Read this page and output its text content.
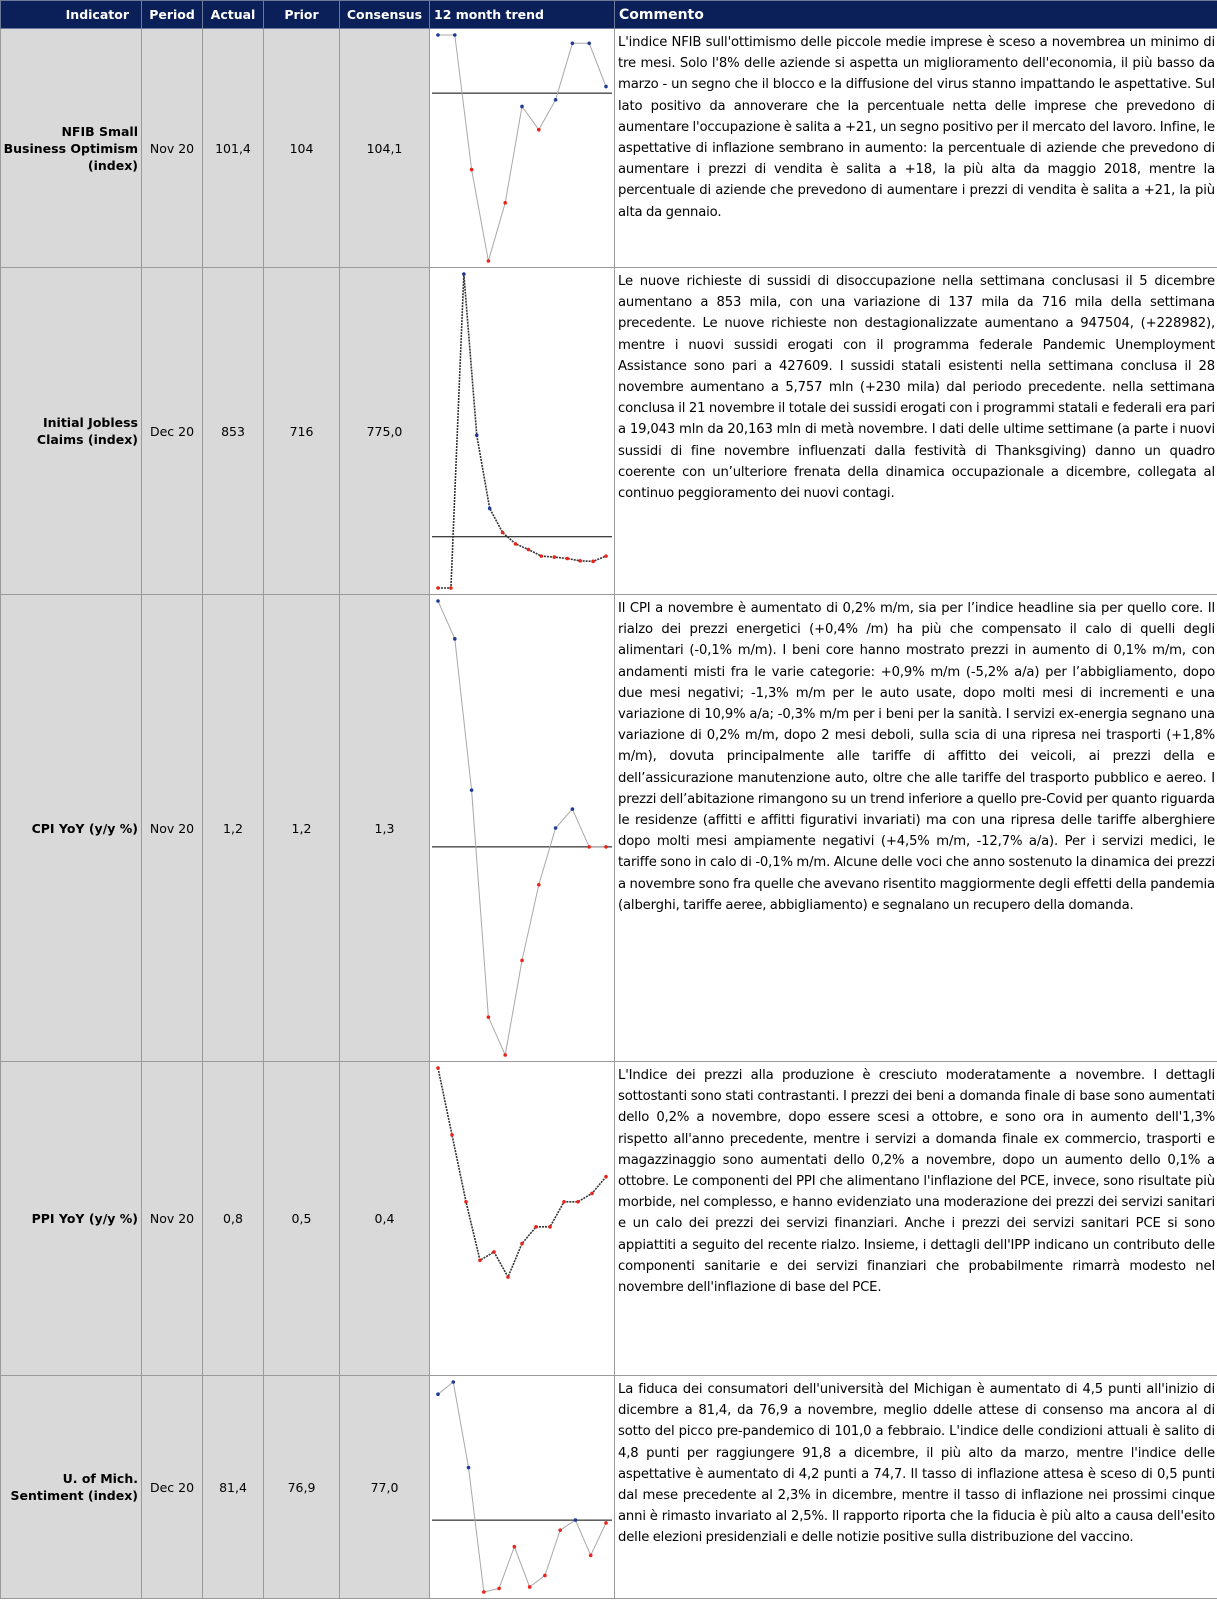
Indicator	Period	Actual	Prior	Consensus	12 month trend	Commento
NFIB Small Business Optimism (index)	Nov 20	101,4	104	104,1		L'indice NFIB sull'ottimismo delle piccole medie imprese è sceso a novembrea un minimo di tre mesi. Solo l'8% delle aziende si aspetta un miglioramento dell'economia, il più basso da marzo - un segno che il blocco e la diffusione del virus stanno impattando le aspettative. Sul lato positivo da annoverare che la percentuale netta delle imprese che prevedono di aumentare l'occupazione è salita a +21, un segno positivo per il mercato del lavoro. Infine, le aspettative di inflazione sembrano in aumento: la percentuale di aziende che prevedono di aumentare i prezzi di vendita è salita a +18, la più alta da maggio 2018, mentre la percentuale di aziende che prevedono di aumentare i prezzi di vendita è salita a +21, la più alta da gennaio.
Initial Jobless Claims (index)	Dec 20	853	716	775,0		Le nuove richieste di sussidi di disoccupazione nella settimana conclusasi il 5 dicembre aumentano a 853 mila, con una variazione di 137 mila da 716 mila della settimana precedente. Le nuove richieste non destagionalizzate aumentano a 947504, (+228982), mentre i nuovi sussidi erogati con il programma federale Pandemic Unemployment Assistance sono pari a 427609. I sussidi statali esistenti nella settimana conclusa il 28 novembre aumentano a 5,757 mln (+230 mila) dal periodo precedente. nella settimana conclusa il 21 novembre il totale dei sussidi erogati con i programmi statali e federali era pari a 19,043 mln da 20,163 mln di metà novembre. I dati delle ultime settimane (a parte i nuovi sussidi di fine novembre influenzati dalla festività di Thanksgiving) danno un quadro coerente con un’ulteriore frenata della dinamica occupazionale a dicembre, collegata al continuo peggioramento dei nuovi contagi.
CPI YoY (y/y %)	Nov 20	1,2	1,2	1,3		Il CPI a novembre è aumentato di 0,2% m/m, sia per l’indice headline sia per quello core. Il rialzo dei prezzi energetici (+0,4% /m) ha più che compensato il calo di quelli degli alimentari (-0,1% m/m). I beni core hanno mostrato prezzi in aumento di 0,1% m/m, con andamenti misti fra le varie categorie: +0,9% m/m (-5,2% a/a) per l’abbigliamento, dopo due mesi negativi; -1,3% m/m per le auto usate, dopo molti mesi di incrementi e una variazione di 10,9% a/a; -0,3% m/m per i beni per la sanità. I servizi ex-energia segnano una variazione di 0,2% m/m, dopo 2 mesi deboli, sulla scia di una ripresa nei trasporti (+1,8% m/m), dovuta principalmente alle tariffe di affitto dei veicoli, ai prezzi della e dell’assicurazione manutenzione auto, oltre che alle tariffe del trasporto pubblico e aereo. I prezzi dell’abitazione rimangono su un trend inferiore a quello pre-Covid per quanto riguarda le residenze (affitti e affitti figurativi invariati) ma con una ripresa delle tariffe alberghiere dopo molti mesi ampiamente negativi (+4,5% m/m, -12,7% a/a). Per i servizi medici, le tariffe sono in calo di -0,1% m/m. Alcune delle voci che anno sostenuto la dinamica dei prezzi a novembre sono fra quelle che avevano risentito maggiormente degli effetti della pandemia (alberghi, tariffe aeree, abbigliamento) e segnalano un recupero della domanda.
PPI YoY (y/y %)	Nov 20	0,8	0,5	0,4		L'Indice dei prezzi alla produzione è cresciuto moderatamente a novembre. I dettagli sottostanti sono stati contrastanti. I prezzi dei beni a domanda finale di base sono aumentati dello 0,2% a novembre, dopo essere scesi a ottobre, e sono ora in aumento dell'1,3% rispetto all'anno precedente, mentre i servizi a domanda finale ex commercio, trasporti e magazzinaggio sono aumentati dello 0,2% a novembre, dopo un aumento dello 0,1% a ottobre. Le componenti del PPI che alimentano l'inflazione del PCE, invece, sono risultate più morbide, nel complesso, e hanno evidenziato una moderazione dei prezzi dei servizi sanitari e un calo dei prezzi dei servizi finanziari. Anche i prezzi dei servizi sanitari PCE si sono appiattiti a seguito del recente rialzo. Insieme, i dettagli dell'IPP indicano un contributo delle componenti sanitarie e dei servizi finanziari che probabilmente rimarrà modesto nel novembre dell'inflazione di base del PCE.
U. of Mich. Sentiment (index)	Dec 20	81,4	76,9	77,0		La fiduca dei consumatori dell'università del Michigan è aumentato di 4,5 punti all'inizio di dicembre a 81,4, da 76,9 a novembre, meglio ddelle attese di consenso ma ancora al di sotto del picco pre-pandemico di 101,0 a febbraio. L'indice delle condizioni attuali è salito di 4,8 punti per raggiungere 91,8 a dicembre, il più alto da marzo, mentre l'indice delle aspettative è aumentato di 4,2 punti a 74,7. Il tasso di inflazione attesa è sceso di 0,5 punti dal mese precedente al 2,3% in dicembre, mentre il tasso di inflazione nei prossimi cinque anni è rimasto invariato al 2,5%. Il rapporto riporta che la fiducia è più alto a causa dell'esito delle elezioni presidenziali e delle notizie positive sulla distribuzione del vaccino.
